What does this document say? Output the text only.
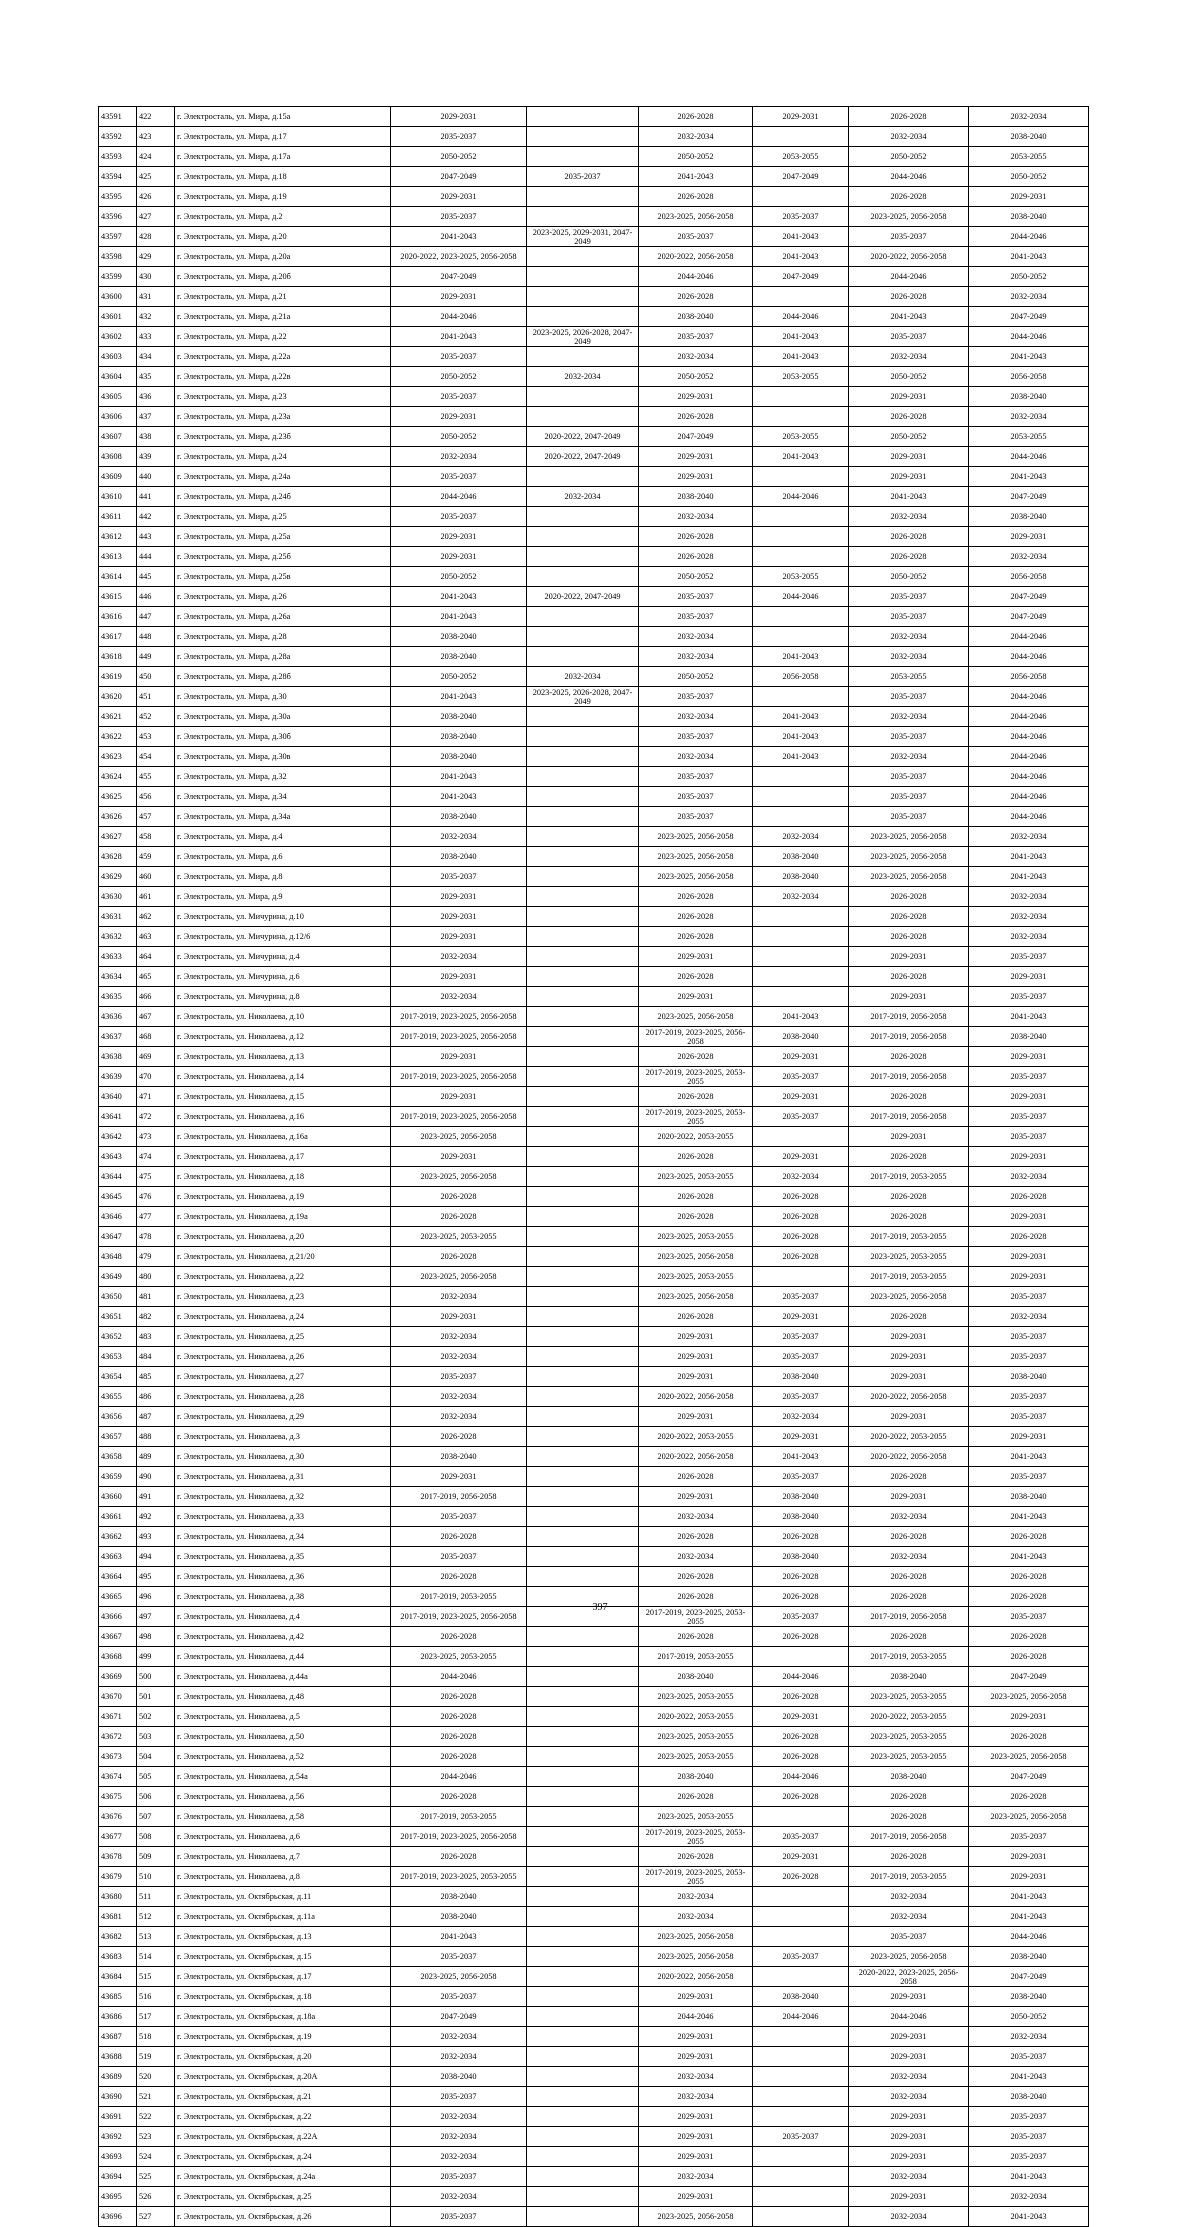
43591	422	г. Электросталь, ул. Мира, д.15а	2029-2031		2026-2028	2029-2031	2026-2028	2032-2034
43592	423	г. Электросталь, ул. Мира, д.17	2035-2037		2032-2034		2032-2034	2038-2040
43593	424	г. Электросталь, ул. Мира, д.17а	2050-2052		2050-2052	2053-2055	2050-2052	2053-2055
43594	425	г. Электросталь, ул. Мира, д.18	2047-2049	2035-2037	2041-2043	2047-2049	2044-2046	2050-2052
43595	426	г. Электросталь, ул. Мира, д.19	2029-2031		2026-2028		2026-2028	2029-2031
43596	427	г. Электросталь, ул. Мира, д.2	2035-2037		2023-2025, 2056-2058	2035-2037	2023-2025, 2056-2058	2038-2040
43597	428	г. Электросталь, ул. Мира, д.20	2041-2043	2023-2025, 2029-2031, 2047-2049	2035-2037	2041-2043	2035-2037	2044-2046
43598	429	г. Электросталь, ул. Мира, д.20а	2020-2022, 2023-2025, 2056-2058		2020-2022, 2056-2058	2041-2043	2020-2022, 2056-2058	2041-2043
43599	430	г. Электросталь, ул. Мира, д.20б	2047-2049		2044-2046	2047-2049	2044-2046	2050-2052
43600	431	г. Электросталь, ул. Мира, д.21	2029-2031		2026-2028		2026-2028	2032-2034
43601	432	г. Электросталь, ул. Мира, д.21а	2044-2046		2038-2040	2044-2046	2041-2043	2047-2049
43602	433	г. Электросталь, ул. Мира, д.22	2041-2043	2023-2025, 2026-2028, 2047-2049	2035-2037	2041-2043	2035-2037	2044-2046
43603	434	г. Электросталь, ул. Мира, д.22а	2035-2037		2032-2034	2041-2043	2032-2034	2041-2043
43604	435	г. Электросталь, ул. Мира, д.22в	2050-2052	2032-2034	2050-2052	2053-2055	2050-2052	2056-2058
43605	436	г. Электросталь, ул. Мира, д.23	2035-2037		2029-2031		2029-2031	2038-2040
43606	437	г. Электросталь, ул. Мира, д.23а	2029-2031		2026-2028		2026-2028	2032-2034
43607	438	г. Электросталь, ул. Мира, д.23б	2050-2052	2020-2022, 2047-2049	2047-2049	2053-2055	2050-2052	2053-2055
43608	439	г. Электросталь, ул. Мира, д.24	2032-2034	2020-2022, 2047-2049	2029-2031	2041-2043	2029-2031	2044-2046
43609	440	г. Электросталь, ул. Мира, д.24а	2035-2037		2029-2031		2029-2031	2041-2043
43610	441	г. Электросталь, ул. Мира, д.24б	2044-2046	2032-2034	2038-2040	2044-2046	2041-2043	2047-2049
43611	442	г. Электросталь, ул. Мира, д.25	2035-2037		2032-2034		2032-2034	2038-2040
43612	443	г. Электросталь, ул. Мира, д.25а	2029-2031		2026-2028		2026-2028	2029-2031
43613	444	г. Электросталь, ул. Мира, д.25б	2029-2031		2026-2028		2026-2028	2032-2034
43614	445	г. Электросталь, ул. Мира, д.25в	2050-2052		2050-2052	2053-2055	2050-2052	2056-2058
43615	446	г. Электросталь, ул. Мира, д.26	2041-2043	2020-2022, 2047-2049	2035-2037	2044-2046	2035-2037	2047-2049
43616	447	г. Электросталь, ул. Мира, д.26а	2041-2043		2035-2037		2035-2037	2047-2049
43617	448	г. Электросталь, ул. Мира, д.28	2038-2040		2032-2034		2032-2034	2044-2046
43618	449	г. Электросталь, ул. Мира, д.28а	2038-2040		2032-2034	2041-2043	2032-2034	2044-2046
43619	450	г. Электросталь, ул. Мира, д.28б	2050-2052	2032-2034	2050-2052	2056-2058	2053-2055	2056-2058
43620	451	г. Электросталь, ул. Мира, д.30	2041-2043	2023-2025, 2026-2028, 2047-2049	2035-2037		2035-2037	2044-2046
43621	452	г. Электросталь, ул. Мира, д.30а	2038-2040		2032-2034	2041-2043	2032-2034	2044-2046
43622	453	г. Электросталь, ул. Мира, д.30б	2038-2040		2035-2037	2041-2043	2035-2037	2044-2046
43623	454	г. Электросталь, ул. Мира, д.30в	2038-2040		2032-2034	2041-2043	2032-2034	2044-2046
43624	455	г. Электросталь, ул. Мира, д.32	2041-2043		2035-2037		2035-2037	2044-2046
43625	456	г. Электросталь, ул. Мира, д.34	2041-2043		2035-2037		2035-2037	2044-2046
43626	457	г. Электросталь, ул. Мира, д.34а	2038-2040		2035-2037		2035-2037	2044-2046
43627	458	г. Электросталь, ул. Мира, д.4	2032-2034		2023-2025, 2056-2058	2032-2034	2023-2025, 2056-2058	2032-2034
43628	459	г. Электросталь, ул. Мира, д.6	2038-2040		2023-2025, 2056-2058	2038-2040	2023-2025, 2056-2058	2041-2043
43629	460	г. Электросталь, ул. Мира, д.8	2035-2037		2023-2025, 2056-2058	2038-2040	2023-2025, 2056-2058	2041-2043
43630	461	г. Электросталь, ул. Мира, д.9	2029-2031		2026-2028	2032-2034	2026-2028	2032-2034
43631	462	г. Электросталь, ул. Мичурина, д.10	2029-2031		2026-2028		2026-2028	2032-2034
43632	463	г. Электросталь, ул. Мичурина, д.12/6	2029-2031		2026-2028		2026-2028	2032-2034
43633	464	г. Электросталь, ул. Мичурина, д.4	2032-2034		2029-2031		2029-2031	2035-2037
43634	465	г. Электросталь, ул. Мичурина, д.6	2029-2031		2026-2028		2026-2028	2029-2031
43635	466	г. Электросталь, ул. Мичурина, д.8	2032-2034		2029-2031		2029-2031	2035-2037
43636	467	г. Электросталь, ул. Николаева, д.10	2017-2019, 2023-2025, 2056-2058		2023-2025, 2056-2058	2041-2043	2017-2019, 2056-2058	2041-2043
43637	468	г. Электросталь, ул. Николаева, д.12	2017-2019, 2023-2025, 2056-2058		2017-2019, 2023-2025, 2056-2058	2038-2040	2017-2019, 2056-2058	2038-2040
43638	469	г. Электросталь, ул. Николаева, д.13	2029-2031		2026-2028	2029-2031	2026-2028	2029-2031
43639	470	г. Электросталь, ул. Николаева, д.14	2017-2019, 2023-2025, 2056-2058		2017-2019, 2023-2025, 2053-2055	2035-2037	2017-2019, 2056-2058	2035-2037
43640	471	г. Электросталь, ул. Николаева, д.15	2029-2031		2026-2028	2029-2031	2026-2028	2029-2031
43641	472	г. Электросталь, ул. Николаева, д.16	2017-2019, 2023-2025, 2056-2058		2017-2019, 2023-2025, 2053-2055	2035-2037	2017-2019, 2056-2058	2035-2037
43642	473	г. Электросталь, ул. Николаева, д.16а	2023-2025, 2056-2058		2020-2022, 2053-2055		2029-2031	2035-2037
43643	474	г. Электросталь, ул. Николаева, д.17	2029-2031		2026-2028	2029-2031	2026-2028	2029-2031
43644	475	г. Электросталь, ул. Николаева, д.18	2023-2025, 2056-2058		2023-2025, 2053-2055	2032-2034	2017-2019, 2053-2055	2032-2034
43645	476	г. Электросталь, ул. Николаева, д.19	2026-2028		2026-2028	2026-2028	2026-2028	2026-2028
43646	477	г. Электросталь, ул. Николаева, д.19а	2026-2028		2026-2028	2026-2028	2026-2028	2029-2031
43647	478	г. Электросталь, ул. Николаева, д.20	2023-2025, 2053-2055		2023-2025, 2053-2055	2026-2028	2017-2019, 2053-2055	2026-2028
43648	479	г. Электросталь, ул. Николаева, д.21/20	2026-2028		2023-2025, 2056-2058	2026-2028	2023-2025, 2053-2055	2029-2031
43649	480	г. Электросталь, ул. Николаева, д.22	2023-2025, 2056-2058		2023-2025, 2053-2055		2017-2019, 2053-2055	2029-2031
43650	481	г. Электросталь, ул. Николаева, д.23	2032-2034		2023-2025, 2056-2058	2035-2037	2023-2025, 2056-2058	2035-2037
43651	482	г. Электросталь, ул. Николаева, д.24	2029-2031		2026-2028	2029-2031	2026-2028	2032-2034
43652	483	г. Электросталь, ул. Николаева, д.25	2032-2034		2029-2031	2035-2037	2029-2031	2035-2037
43653	484	г. Электросталь, ул. Николаева, д.26	2032-2034		2029-2031	2035-2037	2029-2031	2035-2037
43654	485	г. Электросталь, ул. Николаева, д.27	2035-2037		2029-2031	2038-2040	2029-2031	2038-2040
43655	486	г. Электросталь, ул. Николаева, д.28	2032-2034		2020-2022, 2056-2058	2035-2037	2020-2022, 2056-2058	2035-2037
43656	487	г. Электросталь, ул. Николаева, д.29	2032-2034		2029-2031	2032-2034	2029-2031	2035-2037
43657	488	г. Электросталь, ул. Николаева, д.3	2026-2028		2020-2022, 2053-2055	2029-2031	2020-2022, 2053-2055	2029-2031
43658	489	г. Электросталь, ул. Николаева, д.30	2038-2040		2020-2022, 2056-2058	2041-2043	2020-2022, 2056-2058	2041-2043
43659	490	г. Электросталь, ул. Николаева, д.31	2029-2031		2026-2028	2035-2037	2026-2028	2035-2037
43660	491	г. Электросталь, ул. Николаева, д.32	2017-2019, 2056-2058		2029-2031	2038-2040	2029-2031	2038-2040
43661	492	г. Электросталь, ул. Николаева, д.33	2035-2037		2032-2034	2038-2040	2032-2034	2041-2043
43662	493	г. Электросталь, ул. Николаева, д.34	2026-2028		2026-2028	2026-2028	2026-2028	2026-2028
43663	494	г. Электросталь, ул. Николаева, д.35	2035-2037		2032-2034	2038-2040	2032-2034	2041-2043
43664	495	г. Электросталь, ул. Николаева, д.36	2026-2028		2026-2028	2026-2028	2026-2028	2026-2028
43665	496	г. Электросталь, ул. Николаева, д.38	2017-2019, 2053-2055		2026-2028	2026-2028	2026-2028	2026-2028
43666	497	г. Электросталь, ул. Николаева, д.4	2017-2019, 2023-2025, 2056-2058		2017-2019, 2023-2025, 2053-2055	2035-2037	2017-2019, 2056-2058	2035-2037
43667	498	г. Электросталь, ул. Николаева, д.42	2026-2028		2026-2028	2026-2028	2026-2028	2026-2028
43668	499	г. Электросталь, ул. Николаева, д.44	2023-2025, 2053-2055		2017-2019, 2053-2055		2017-2019, 2053-2055	2026-2028
43669	500	г. Электросталь, ул. Николаева, д.44а	2044-2046		2038-2040	2044-2046	2038-2040	2047-2049
43670	501	г. Электросталь, ул. Николаева, д.48	2026-2028		2023-2025, 2053-2055	2026-2028	2023-2025, 2053-2055	2023-2025, 2056-2058
43671	502	г. Электросталь, ул. Николаева, д.5	2026-2028		2020-2022, 2053-2055	2029-2031	2020-2022, 2053-2055	2029-2031
43672	503	г. Электросталь, ул. Николаева, д.50	2026-2028		2023-2025, 2053-2055	2026-2028	2023-2025, 2053-2055	2026-2028
43673	504	г. Электросталь, ул. Николаева, д.52	2026-2028		2023-2025, 2053-2055	2026-2028	2023-2025, 2053-2055	2023-2025, 2056-2058
43674	505	г. Электросталь, ул. Николаева, д.54а	2044-2046		2038-2040	2044-2046	2038-2040	2047-2049
43675	506	г. Электросталь, ул. Николаева, д.56	2026-2028		2026-2028	2026-2028	2026-2028	2026-2028
43676	507	г. Электросталь, ул. Николаева, д.58	2017-2019, 2053-2055		2023-2025, 2053-2055		2026-2028	2023-2025, 2056-2058
43677	508	г. Электросталь, ул. Николаева, д.6	2017-2019, 2023-2025, 2056-2058		2017-2019, 2023-2025, 2053-2055	2035-2037	2017-2019, 2056-2058	2035-2037
43678	509	г. Электросталь, ул. Николаева, д.7	2026-2028		2026-2028	2029-2031	2026-2028	2029-2031
43679	510	г. Электросталь, ул. Николаева, д.8	2017-2019, 2023-2025, 2053-2055		2017-2019, 2023-2025, 2053-2055	2026-2028	2017-2019, 2053-2055	2029-2031
43680	511	г. Электросталь, ул. Октябрьская, д.11	2038-2040		2032-2034		2032-2034	2041-2043
43681	512	г. Электросталь, ул. Октябрьская, д.11а	2038-2040		2032-2034		2032-2034	2041-2043
43682	513	г. Электросталь, ул. Октябрьская, д.13	2041-2043		2023-2025, 2056-2058		2035-2037	2044-2046
43683	514	г. Электросталь, ул. Октябрьская, д.15	2035-2037		2023-2025, 2056-2058	2035-2037	2023-2025, 2056-2058	2038-2040
43684	515	г. Электросталь, ул. Октябрьская, д.17	2023-2025, 2056-2058		2020-2022, 2056-2058		2020-2022, 2023-2025, 2056-2058	2047-2049
43685	516	г. Электросталь, ул. Октябрьская, д.18	2035-2037		2029-2031	2038-2040	2029-2031	2038-2040
43686	517	г. Электросталь, ул. Октябрьская, д.18а	2047-2049		2044-2046	2044-2046	2044-2046	2050-2052
43687	518	г. Электросталь, ул. Октябрьская, д.19	2032-2034		2029-2031		2029-2031	2032-2034
43688	519	г. Электросталь, ул. Октябрьская, д.20	2032-2034		2029-2031		2029-2031	2035-2037
43689	520	г. Электросталь, ул. Октябрьская, д.20А	2038-2040		2032-2034		2032-2034	2041-2043
43690	521	г. Электросталь, ул. Октябрьская, д.21	2035-2037		2032-2034		2032-2034	2038-2040
43691	522	г. Электросталь, ул. Октябрьская, д.22	2032-2034		2029-2031		2029-2031	2035-2037
43692	523	г. Электросталь, ул. Октябрьская, д.22А	2032-2034		2029-2031	2035-2037	2029-2031	2035-2037
43693	524	г. Электросталь, ул. Октябрьская, д.24	2032-2034		2029-2031		2029-2031	2035-2037
43694	525	г. Электросталь, ул. Октябрьская, д.24а	2035-2037		2032-2034		2032-2034	2041-2043
43695	526	г. Электросталь, ул. Октябрьская, д.25	2032-2034		2029-2031		2029-2031	2032-2034
43696	527	г. Электросталь, ул. Октябрьская, д.26	2035-2037		2023-2025, 2056-2058		2032-2034	2041-2043
397
